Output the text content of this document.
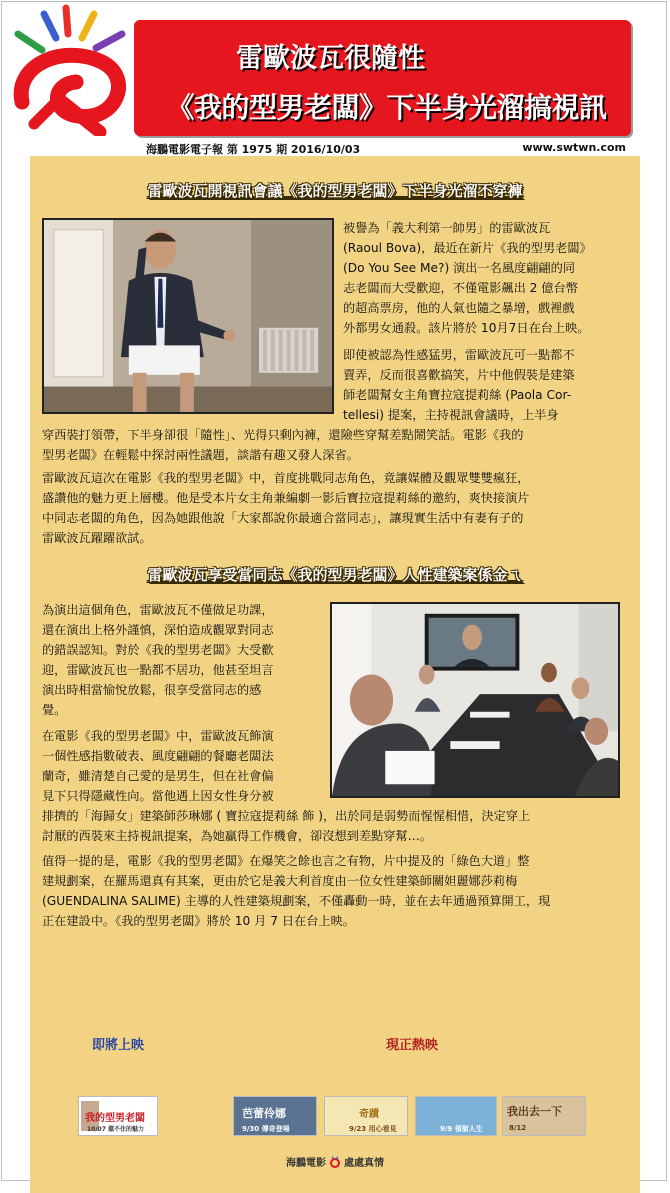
雷歐波瓦很隨性
《我的型男老闆》下半身光溜搞視訊
海鵬電影電子報 第 1975 期 2016/10/03	www.swtwn.com
雷歐波瓦開視訊會議《我的型男老闆》下半身光溜不穿褲

被譽為「義大利第一帥男」的雷歐波瓦
(Raoul Bova)，最近在新片《我的型男老闆》
(Do You See Me?) 演出一名風度翩翩的同
志老闆而大受歡迎，不僅電影飆出 2 億台幣
的超高票房，他的人氣也隨之暴增，戲裡戲
外都男女通殺。該片將於 10月7日在台上映。

即使被認為性感猛男，雷歐波瓦可一點都不
賣弄，反而很喜歡搞笑，片中他假裝是建築
師老闆幫女主角寶拉寇提莉絲 (Paola Cor-
tellesi) 提案，主持視訊會議時，上半身

穿西裝打領帶，下半身卻很「隨性」、光得只剩內褲，還險些穿幫差點鬧笑話。電影《我的
型男老闆》在輕鬆中探討兩性議題，談諧有趣又發人深省。

雷歐波瓦這次在電影《我的型男老闆》中，首度挑戰同志角色，竟讓媒體及觀眾雙雙瘋狂，
盛讚他的魅力更上層樓。他是受本片女主角兼編劇一影后寶拉寇提莉絲的邀約，爽快接演片
中同志老闆的角色，因為她跟他說「大家都說你最適合當同志」，讓現實生活中有妻有子的
雷歐波瓦躍躍欲試。

雷歐波瓦享受當同志《我的型男老闆》人性建築案係金ㄟ

為演出這個角色，雷歐波瓦不僅做足功課，
還在演出上格外謹慎，深怕造成觀眾對同志
的錯誤認知。對於《我的型男老闆》大受歡
迎，雷歐波瓦也一點都不居功，他甚至坦言
演出時相當愉悅放鬆，很享受當同志的感
覺。

在電影《我的型男老闆》中，雷歐波瓦飾演
一個性感指數破表、風度翩翩的餐廳老闆法
蘭奇，雖清楚自己愛的是男生，但在社會偏
見下只得隱藏性向。當他遇上因女性身分被

排擠的「海歸女」建築師莎琳娜 ( 寶拉寇提莉絲 飾 )，出於同是弱勢而惺惺相惜，決定穿上
討厭的西裝來主持視訊提案，為她贏得工作機會，卻沒想到差點穿幫…。

值得一提的是，電影《我的型男老闆》在爆笑之餘也言之有物，片中提及的「綠色大道」整
建規劃案，在羅馬還真有其案，更由於它是義大利首度由一位女性建築師關妲麗娜莎莉梅
(GUENDALINA SALIME) 主導的人性建築規劃案，不僅轟動一時，並在去年通過預算開工，現
正在建設中。《我的型男老闆》將於 10 月 7 日在台上映。

即將上映	現正熱映
我的型男老闆
10/07 擋不住的魅力
芭蕾伶娜
9/30 傳奇登場
奇蹟
9/23 用心看見	9/9 領銜人生
我出去一下
8/12
海鵬電影 處處真情
